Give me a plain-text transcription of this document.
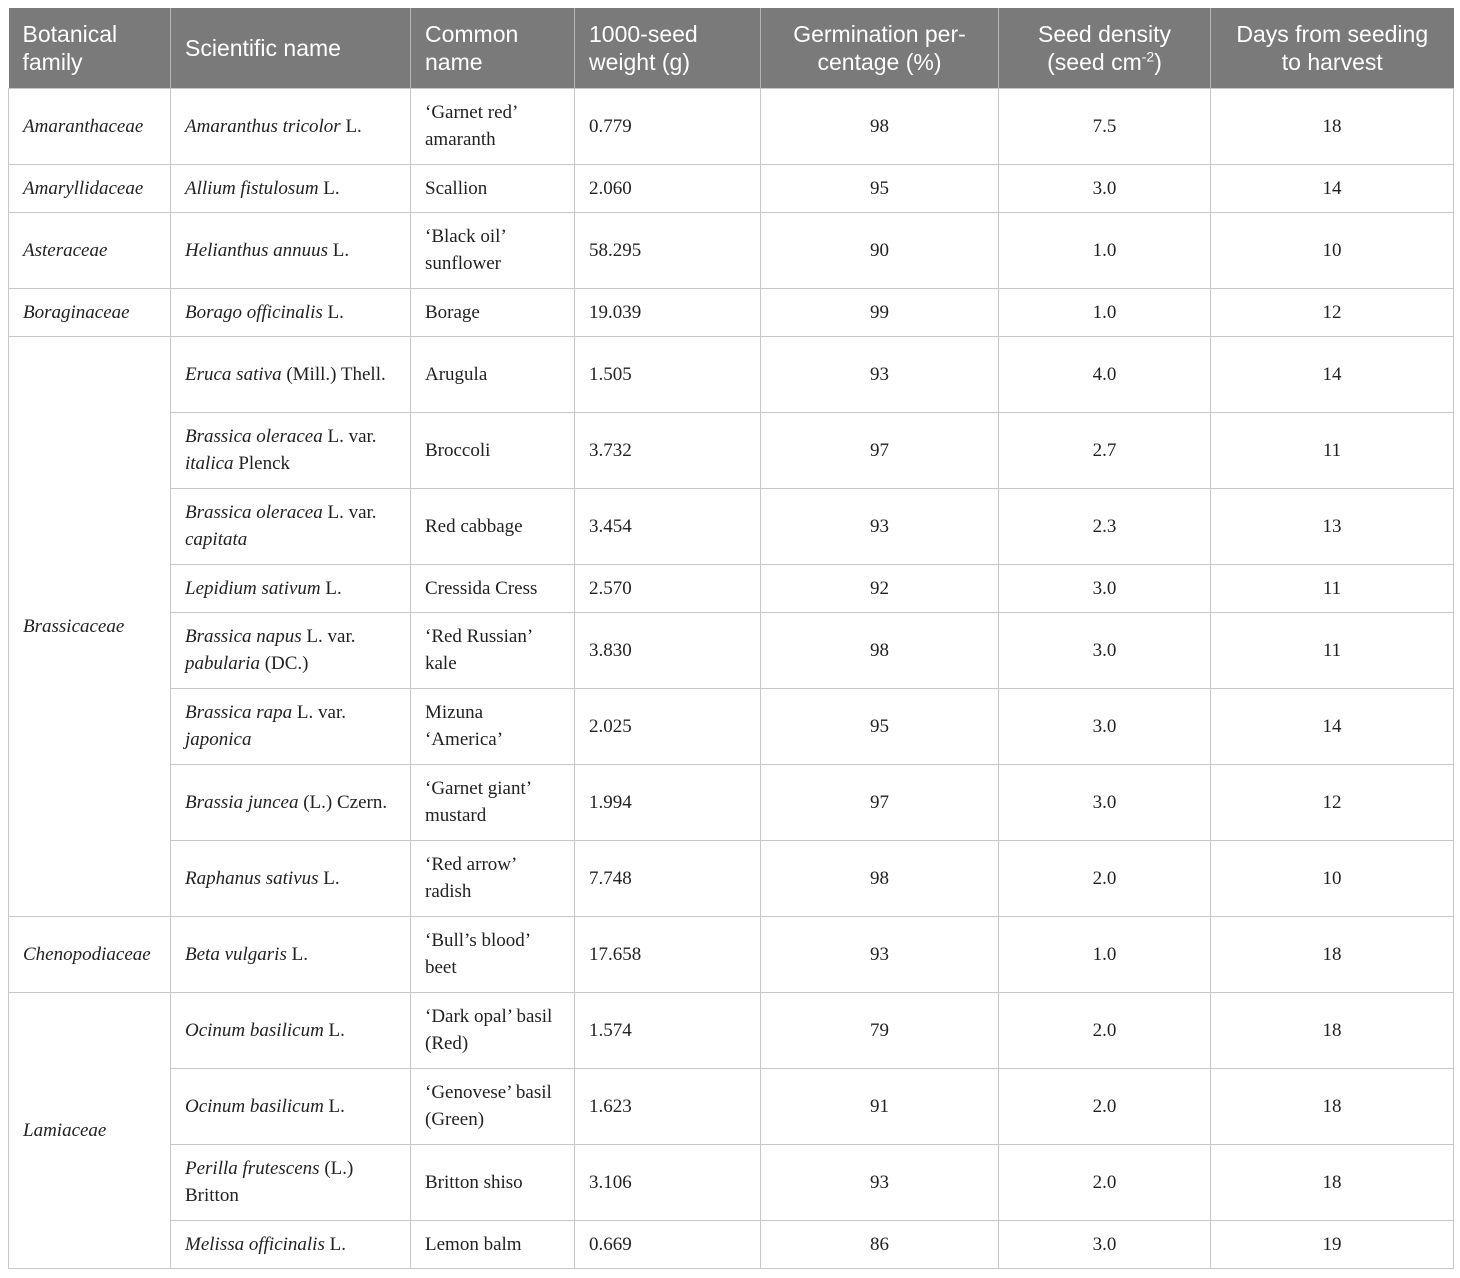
Botanical family	Scientific name	Common name	1000-seed weight (g)	Germination per-centage (%)	Seed density (seed $cm^{-2}$)	Days from seeding to harvest
Amaranthaceae	Amaranthus tricolor L.	‘Garnet red’ amaranth	0.779	98	7.5	18
Amaryllidaceae	Allium fistulosum L.	Scallion	2.060	95	3.0	14
Asteraceae	Helianthus annuus L.	‘Black oil’ sunflower	58.295	90	1.0	10
Boraginaceae	Borago officinalis L.	Borage	19.039	99	1.0	12
Brassicaceae	Eruca sativa (Mill.) Thell.	Arugula	1.505	93	4.0	14
	Brassica oleracea L. var. italica Plenck	Broccoli	3.732	97	2.7	11
	Brassica oleracea L. var. capitata	Red cabbage	3.454	93	2.3	13
	Lepidium sativum L.	Cressida Cress	2.570	92	3.0	11
	Brassica napus L. var. pabularia (DC.)	‘Red Russian’ kale	3.830	98	3.0	11
	Brassica rapa L. var. japonica	Mizuna ‘America’	2.025	95	3.0	14
	Brassia juncea (L.) Czern.	‘Garnet giant’ mustard	1.994	97	3.0	12
	Raphanus sativus L.	‘Red arrow’ radish	7.748	98	2.0	10
Chenopodiaceae	Beta vulgaris L.	‘Bull’s blood’ beet	17.658	93	1.0	18
Lamiaceae	Ocinum basilicum L.	‘Dark opal’ basil (Red)	1.574	79	2.0	18
	Ocinum basilicum L.	‘Genovese’ basil (Green)	1.623	91	2.0	18
	Perilla frutescens (L.) Britton	Britton shiso	3.106	93	2.0	18
	Melissa officinalis L.	Lemon balm	0.669	86	3.0	19
